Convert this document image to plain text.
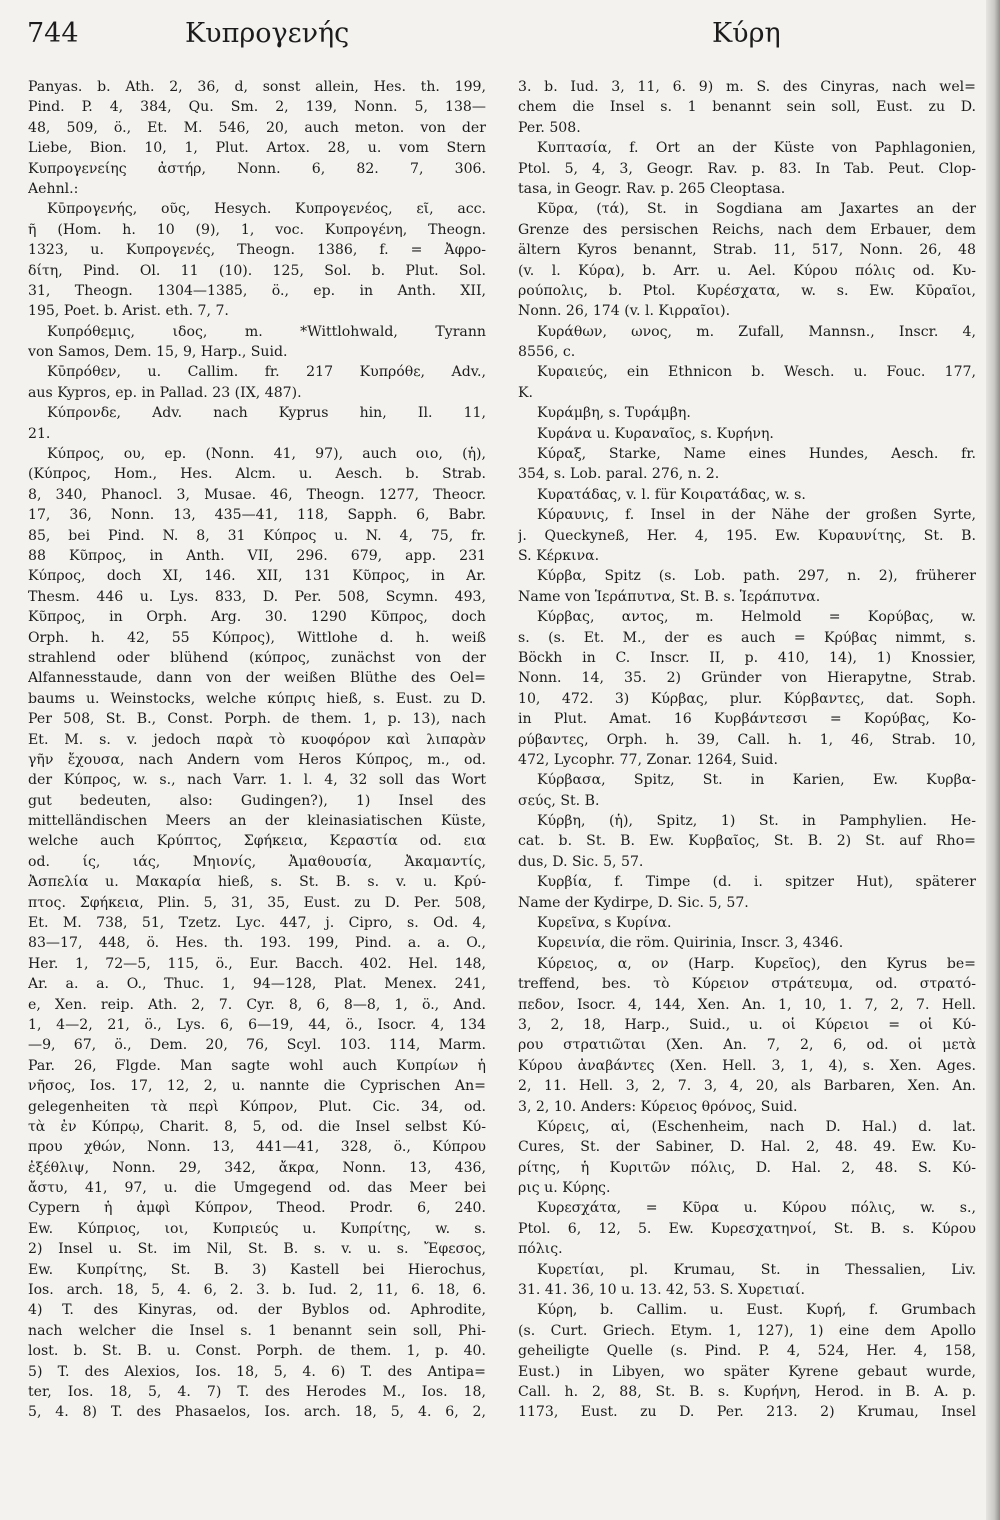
744	Κυπρογενής	Κύρη
Panyas. b. Ath. 2, 36, d, sonst allein, Hes. th. 199,
Pind. P. 4, 384, Qu. Sm. 2, 139, Nonn. 5, 138—
48, 509, ö., Et. M. 546, 20, auch meton. von der
Liebe, Bion. 10, 1, Plut. Artox. 28, u. vom Stern
Κυπρογενείης ἀστήρ, Nonn. 6, 82. 7, 306.
Aehnl.:
Κῡπρογενής, οῦς, Hesych. Κυπρογενέος, εῖ, acc.
ῆ (Hom. h. 10 (9), 1, voc. Κυπρογένη, Theogn.
1323, u. Κυπρογενές, Theogn. 1386, f. = Ἀφρο-
δίτη, Pind. Ol. 11 (10). 125, Sol. b. Plut. Sol.
31, Theogn. 1304—1385, ö., ep. in Anth. XII,
195, Poet. b. Arist. eth. 7, 7.
Κυπρόθεμις, ιδος, m. *Wittlohwald, Tyrann
von Samos, Dem. 15, 9, Harp., Suid.
Κῡπρόθεν, u. Callim. fr. 217 Κυπρόθε, Adv.,
aus Kypros, ep. in Pallad. 23 (IX, 487).
Κύπρονδε, Adv. nach Kyprus hin, Il. 11,
21.
Κύπρος, ου, ep. (Nonn. 41, 97), auch οιο, (ἡ),
(Κύπρος, Hom., Hes. Alcm. u. Aesch. b. Strab.
8, 340, Phanocl. 3, Musae. 46, Theogn. 1277, Theocr.
17, 36, Nonn. 13, 435—41, 118, Sapph. 6, Babr.
85, bei Pind. N. 8, 31 Κύπρος u. N. 4, 75, fr.
88 Κῦπρος, in Anth. VII, 296. 679, app. 231
Κύπρος, doch XI, 146. XII, 131 Κῦπρος, in Ar.
Thesm. 446 u. Lys. 833, D. Per. 508, Scymn. 493,
Κῦπρος, in Orph. Arg. 30. 1290 Κῦπρος, doch
Orph. h. 42, 55 Κύπρος), Wittlohe d. h. weiß
strahlend oder blühend (κύπρος, zunächst von der
Alfannesstaude, dann von der weißen Blüthe des Oel=
baums u. Weinstocks, welche κύπρις hieß, s. Eust. zu D.
Per 508, St. B., Const. Porph. de them. 1, p. 13), nach
Et. M. s. v. jedoch παρὰ τὸ κυοφόρον καὶ λιπαρὰν
γῆν ἔχουσα, nach Andern vom Heros Κύπρος, m., od.
der Κύπρος, w. s., nach Varr. 1. l. 4, 32 soll das Wort
gut bedeuten, also: Gudingen?), 1) Insel des
mittelländischen Meers an der kleinasiatischen Küste,
welche auch Κρύπτος, Σφήκεια, Κεραστία od. εια
od. ίς, ιάς, Μηιονίς, Ἀμαθουσία, Ἀκαμαντίς,
Ἀσπελία u. Μακαρία hieß, s. St. B. s. v. u. Κρύ-
πτος. Σφήκεια, Plin. 5, 31, 35, Eust. zu D. Per. 508,
Et. M. 738, 51, Tzetz. Lyc. 447, j. Cipro, s. Od. 4,
83—17, 448, ö. Hes. th. 193. 199, Pind. a. a. O.,
Her. 1, 72—5, 115, ö., Eur. Bacch. 402. Hel. 148,
Ar. a. a. O., Thuc. 1, 94—128, Plat. Menex. 241,
e, Xen. reip. Ath. 2, 7. Cyr. 8, 6, 8—8, 1, ö., And.
1, 4—2, 21, ö., Lys. 6, 6—19, 44, ö., Isocr. 4, 134
—9, 67, ö., Dem. 20, 76, Scyl. 103. 114, Marm.
Par. 26, Flgde. Man sagte wohl auch Κυπρίων ἡ
νῆσος, Ios. 17, 12, 2, u. nannte die Cyprischen An=
gelegenheiten τὰ περὶ Κύπρον, Plut. Cic. 34, od.
τὰ ἐν Κύπρῳ, Charit. 8, 5, od. die Insel selbst Κύ-
πρου χθών, Nonn. 13, 441—41, 328, ö., Κύπρου
ἐξέθλιψ, Nonn. 29, 342, ἄκρα, Nonn. 13, 436,
ἄστυ, 41, 97, u. die Umgegend od. das Meer bei
Cypern ἡ ἀμφὶ Κύπρον, Theod. Prodr. 6, 240.
Ew. Κύπριος, ιοι, Κυπριεύς u. Κυπρίτης, w. s.
2) Insel u. St. im Nil, St. B. s. v. u. s. Ἔφεσος,
Ew. Κυπρίτης, St. B. 3) Kastell bei Hierochus,
Ios. arch. 18, 5, 4. 6, 2. 3. b. Iud. 2, 11, 6. 18, 6.
4) T. des Kinyras, od. der Byblos od. Aphrodite,
nach welcher die Insel s. 1 benannt sein soll, Phi-
lost. b. St. B. u. Const. Porph. de them. 1, p. 40.
5) T. des Alexios, Ios. 18, 5, 4. 6) T. des Antipa=
ter, Ios. 18, 5, 4. 7) T. des Herodes M., Ios. 18,
5, 4. 8) T. des Phasaelos, Ios. arch. 18, 5, 4. 6, 2,
3. b. Iud. 3, 11, 6. 9) m. S. des Cinyras, nach wel=
chem die Insel s. 1 benannt sein soll, Eust. zu D.
Per. 508.
Κυπτασία, f. Ort an der Küste von Paphlagonien,
Ptol. 5, 4, 3, Geogr. Rav. p. 83. In Tab. Peut. Clop-
tasa, in Geogr. Rav. p. 265 Cleoptasa.
Κῦρα, (τά), St. in Sogdiana am Jaxartes an der
Grenze des persischen Reichs, nach dem Erbauer, dem
ältern Kyros benannt, Strab. 11, 517, Nonn. 26, 48
(v. l. Κύρα), b. Arr. u. Ael. Κύρου πόλις od. Κυ-
ρούπολις, b. Ptol. Κυρέσχατα, w. s. Ew. Κῡραῖοι,
Nonn. 26, 174 (v. l. Κιρραῖοι).
Κυράθων, ωνος, m. Zufall, Mannsn., Inscr. 4,
8556, c.
Κυραιεύς, ein Ethnicon b. Wesch. u. Fouc. 177,
K.
Κυράμβη, s. Τυράμβη.
Κυράνα u. Κυραναῖος, s. Κυρήνη.
Κύραξ, Starke, Name eines Hundes, Aesch. fr.
354, s. Lob. paral. 276, n. 2.
Κυρατάδας, v. l. für Κοιρατάδας, w. s.
Κύραυνις, f. Insel in der Nähe der großen Syrte,
j. Queckyneß, Her. 4, 195. Ew. Κυραυνίτης, St. B.
S. Κέρκινα.
Κύρβα, Spitz (s. Lob. path. 297, n. 2), früherer
Name von Ἱεράπυτνα, St. B. s. Ἱεράπυτνα.
Κύρβας, αντος, m. Helmold = Κορύβας, w.
s. (s. Et. M., der es auch = Κρύβας nimmt, s.
Böckh in C. Inscr. II, p. 410, 14), 1) Knossier,
Nonn. 14, 35. 2) Gründer von Hierapytne, Strab.
10, 472. 3) Κύρβας, plur. Κύρβαντες, dat. Soph.
in Plut. Amat. 16 Κυρβάντεσσι = Κορύβας, Κο-
ρύβαντες, Orph. h. 39, Call. h. 1, 46, Strab. 10,
472, Lycophr. 77, Zonar. 1264, Suid.
Κύρβασα, Spitz, St. in Karien, Ew. Κυρβα-
σεύς, St. B.
Κύρβη, (ἡ), Spitz, 1) St. in Pamphylien. He-
cat. b. St. B. Ew. Κυρβαῖος, St. B. 2) St. auf Rho=
dus, D. Sic. 5, 57.
Κυρβία, f. Timpe (d. i. spitzer Hut), späterer
Name der Kydirpe, D. Sic. 5, 57.
Κυρεῖνα, s Κυρίνα.
Κυρεινία, die röm. Quirinia, Inscr. 3, 4346.
Κύρειος, α, ον (Harp. Κυρεῖος), den Kyrus be=
treffend, bes. τὸ Κύρειον στράτευμα, od. στρατό-
πεδον, Isocr. 4, 144, Xen. An. 1, 10, 1. 7, 2, 7. Hell.
3, 2, 18, Harp., Suid., u. οἱ Κύρειοι = οἱ Κύ-
ρου στρατιῶται (Xen. An. 7, 2, 6, od. οἱ μετὰ
Κύρου ἀναβάντες (Xen. Hell. 3, 1, 4), s. Xen. Ages.
2, 11. Hell. 3, 2, 7. 3, 4, 20, als Barbaren, Xen. An.
3, 2, 10. Anders: Κύρειος θρόνος, Suid.
Κύρεις, αἱ, (Eschenheim, nach D. Hal.) d. lat.
Cures, St. der Sabiner, D. Hal. 2, 48. 49. Ew. Κυ-
ρίτης, ἡ Κυριτῶν πόλις, D. Hal. 2, 48. S. Κύ-
ρις u. Κύρης.
Κυρεσχάτα, = Κῦρα u. Κύρου πόλις, w. s.,
Ptol. 6, 12, 5. Ew. Κυρεσχατηνοί, St. B. s. Κύρου
πόλις.
Κυρετίαι, pl. Krumau, St. in Thessalien, Liv.
31. 41. 36, 10 u. 13. 42, 53. S. Χυρετιαί.
Κύρη, b. Callim. u. Eust. Κυρή, f. Grumbach
(s. Curt. Griech. Etym. 1, 127), 1) eine dem Apollo
geheiligte Quelle (s. Pind. P. 4, 524, Her. 4, 158,
Eust.) in Libyen, wo später Kyrene gebaut wurde,
Call. h. 2, 88, St. B. s. Κυρήνη, Herod. in B. A. p.
1173, Eust. zu D. Per. 213. 2) Krumau, Insel
